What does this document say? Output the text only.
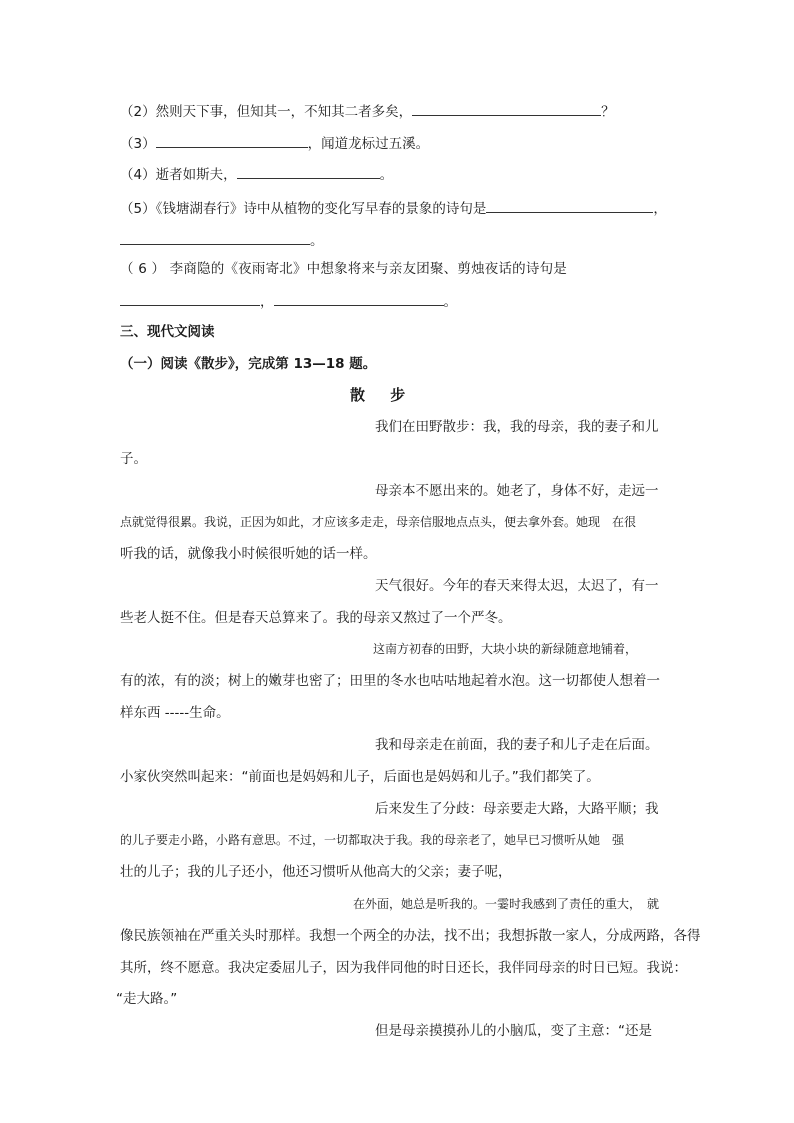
（2）然则天下事，但知其一，不知其二者多矣，	？
（3）	，闻道龙标过五溪。
（4）逝者如斯夫，	。
（5）《钱塘湖春行》诗中从植物的变化写早春的景象的诗句是	，
。
（ 6 ） 李商隐的《夜雨寄北》中想象将来与亲友团聚、剪烛夜话的诗句是
，	。
三、现代文阅读
（一）阅读《散步》，完成第 13—18 题。
散 步
我们在田野散步：我，我的母亲，我的妻子和儿
子。
母亲本不愿出来的。她老了，身体不好，走远一
点就觉得很累。我说，正因为如此，才应该多走走，母亲信服地点点头，便去拿外套。她现　在很
听我的话，就像我小时候很听她的话一样。
天气很好。今年的春天来得太迟，太迟了，有一
些老人挺不住。但是春天总算来了。我的母亲又熬过了一个严冬。
这南方初春的田野，大块小块的新绿随意地铺着，
有的浓，有的淡；树上的嫩芽也密了；田里的冬水也咕咕地起着水泡。这一切都使人想着一
样东西 -----生命。
我和母亲走在前面，我的妻子和儿子走在后面。
小家伙突然叫起来：“前面也是妈妈和儿子，后面也是妈妈和儿子。”我们都笑了。
后来发生了分歧：母亲要走大路，大路平顺；我
的儿子要走小路，小路有意思。不过，一切都取决于我。我的母亲老了，她早已习惯听从她　强
壮的儿子；我的儿子还小，他还习惯听从他高大的父亲；妻子呢，
在外面，她总是听我的。一霎时我感到了责任的重大，　就
像民族领袖在严重关头时那样。我想一个两全的办法，找不出；我想拆散一家人，分成两路，各得
其所，终不愿意。我决定委屈儿子，因为我伴同他的时日还长，我伴同母亲的时日已短。我说：
“走大路。”
但是母亲摸摸孙儿的小脑瓜，变了主意：“还是
